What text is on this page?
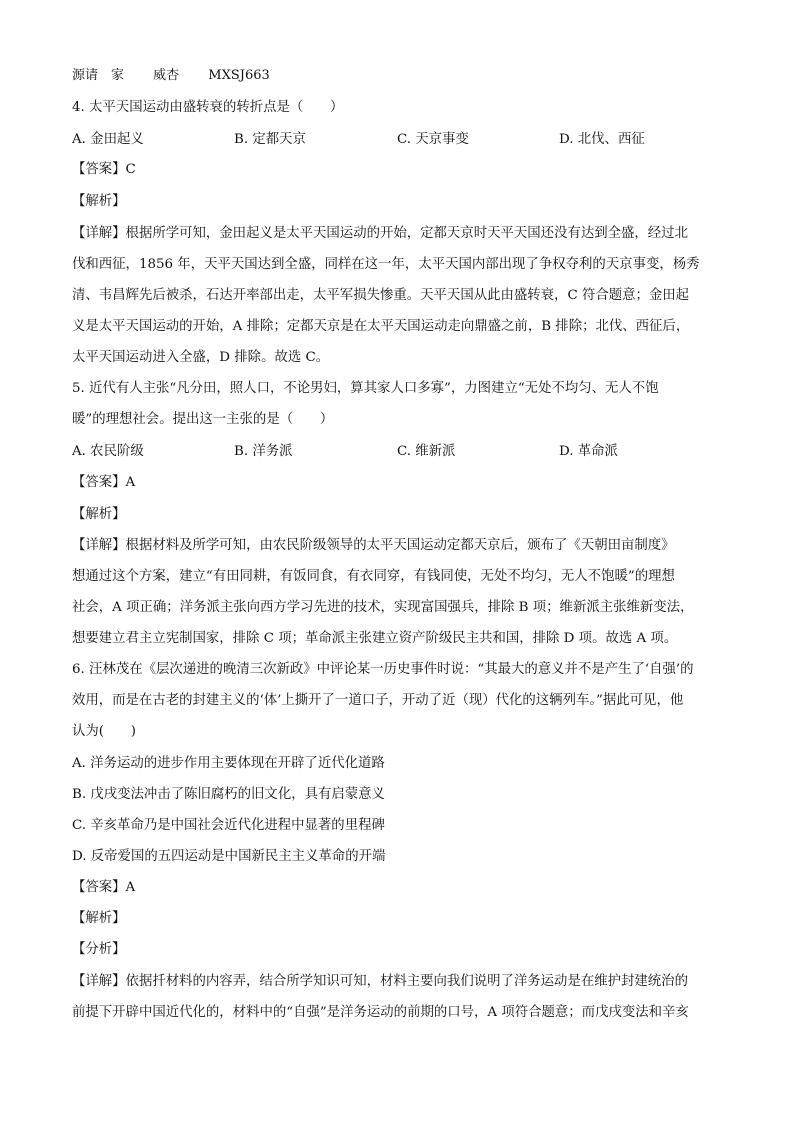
源请　家　 威杏　 MXSJ663
4. 太平天国运动由盛转衰的转折点是（　　）
A. 金田起义	B. 定都天京	C. 天京事变	D. 北伐、西征
【答案】C
【解析】
【详解】根据所学可知，金田起义是太平天国运动的开始，定都天京时天平天国还没有达到全盛，经过北
伐和西征，1856 年，天平天国达到全盛，同样在这一年，太平天国内部出现了争权夺利的天京事变，杨秀
清、韦昌辉先后被杀，石达开率部出走，太平军损失惨重。天平天国从此由盛转衰，C 符合题意；金田起
义是太平天国运动的开始，A 排除；定都天京是在太平天国运动走向鼎盛之前，B 排除；北伐、西征后，
太平天国运动进入全盛，D 排除。故选 C。
5. 近代有人主张“凡分田，照人口，不论男妇，算其家人口多寡”，力图建立“无处不均匀、无人不饱
暖”的理想社会。提出这一主张的是（　　）
A. 农民阶级	B. 洋务派	C. 维新派	D. 革命派
【答案】A
【解析】
【详解】根据材料及所学可知，由农民阶级领导的太平天国运动定都天京后，颁布了《天朝田亩制度》
想通过这个方案，建立“有田同耕，有饭同食，有衣同穿，有钱同使，无处不均匀，无人不饱暖”的理想
社会，A 项正确；洋务派主张向西方学习先进的技术，实现富国强兵，排除 B 项；维新派主张维新变法，
想要建立君主立宪制国家，排除 C 项；革命派主张建立资产阶级民主共和国，排除 D 项。故选 A 项。
6. 汪林茂在《层次递进的晚清三次新政》中评论某一历史事件时说：“其最大的意义并不是产生了‘自强’的
效用，而是在古老的封建主义的‘体’上撕开了一道口子，开动了近（现）代化的这辆列车。”据此可见，他
认为(　　)
A. 洋务运动的进步作用主要体现在开辟了近代化道路
B. 戊戌变法冲击了陈旧腐朽的旧文化，具有启蒙意义
C. 辛亥革命乃是中国社会近代化进程中显著的里程碑
D. 反帝爱国的五四运动是中国新民主主义革命的开端
【答案】A
【解析】
【分析】
【详解】依据扦材料的内容弄，结合所学知识可知，材料主要向我们说明了洋务运动是在维护封建统治的
前提下开辟中国近代化的，材料中的“自强”是洋务运动的前期的口号，A 项符合题意；而戊戌变法和辛亥
